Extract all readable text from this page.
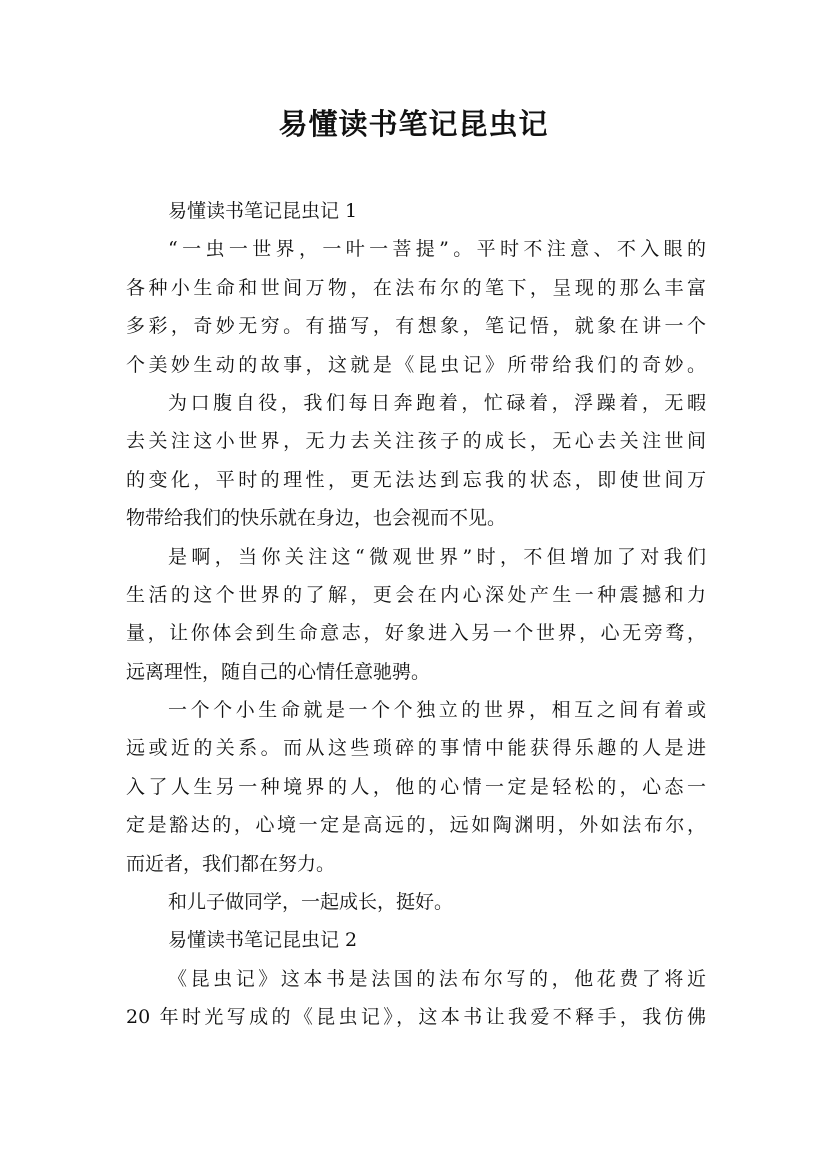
易懂读书笔记昆虫记
易懂读书笔记昆虫记 1
“一虫一世界，一叶一菩提”。平时不注意、不入眼的
各种小生命和世间万物，在法布尔的笔下，呈现的那么丰富
多彩，奇妙无穷。有描写，有想象，笔记悟，就象在讲一个
个美妙生动的故事，这就是《昆虫记》所带给我们的奇妙。
为口腹自役，我们每日奔跑着，忙碌着，浮躁着，无暇
去关注这小世界，无力去关注孩子的成长，无心去关注世间
的变化，平时的理性，更无法达到忘我的状态，即使世间万
物带给我们的快乐就在身边，也会视而不见。
是啊，当你关注这“微观世界”时，不但增加了对我们
生活的这个世界的了解，更会在内心深处产生一种震撼和力
量，让你体会到生命意志，好象进入另一个世界，心无旁骛，
远离理性，随自己的心情任意驰骋。
一个个小生命就是一个个独立的世界，相互之间有着或
远或近的关系。而从这些琐碎的事情中能获得乐趣的人是进
入了人生另一种境界的人，他的心情一定是轻松的，心态一
定是豁达的，心境一定是高远的，远如陶渊明，外如法布尔，
而近者，我们都在努力。
和儿子做同学，一起成长，挺好。
易懂读书笔记昆虫记 2
《昆虫记》这本书是法国的法布尔写的，他花费了将近
20 年时光写成的《昆虫记》，这本书让我爱不释手，我仿佛
